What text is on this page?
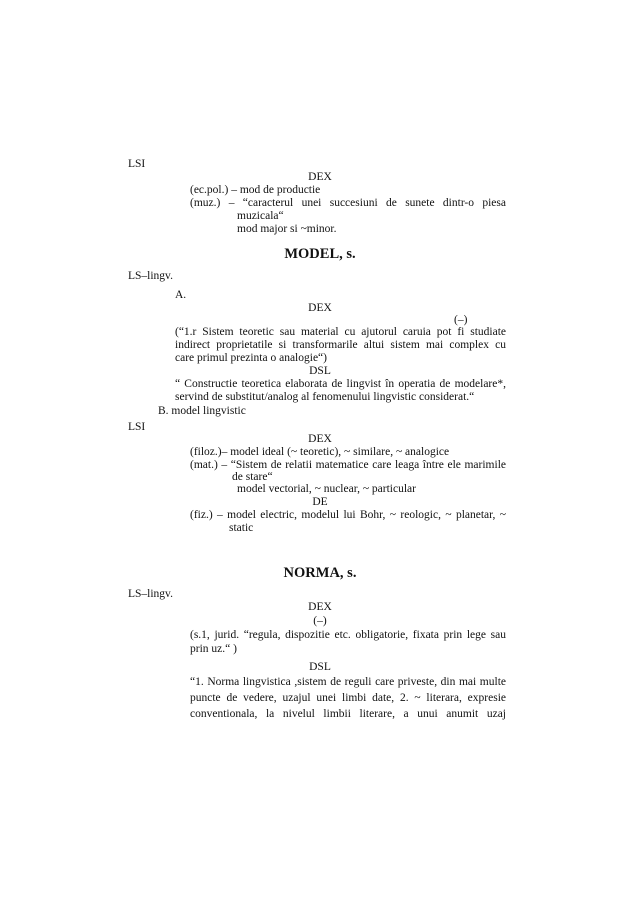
LSI
DEX
(ec.pol.) – mod de productie
(muz.) – “caracterul unei succesiuni de sunete dintr-o piesa
muzicala“
mod major si ~minor.
MODEL, s.
LS–lingv.
A.
DEX
(–)
(“1.r Sistem teoretic sau material cu ajutorul caruia pot fi studiate
indirect proprietatile si transformarile altui sistem mai complex cu
care primul prezinta o analogie“)
DSL
“ Constructie teoretica elaborata de lingvist în operatia de modelare*,
servind de substitut/analog al fenomenului lingvistic considerat.“
B. model lingvistic
LSI
DEX
(filoz.)– model ideal (~ teoretic), ~ similare, ~ analogice
(mat.) – “Sistem de relatii matematice care leaga între ele marimile
de stare“
model vectorial, ~ nuclear, ~ particular
DE
(fiz.) – model electric, modelul lui Bohr, ~ reologic, ~ planetar, ~
static
NORMA, s.
LS–lingv.
DEX
(–)
(s.1, jurid. “regula, dispozitie etc. obligatorie, fixata prin lege sau
prin uz.“ )
DSL
“1. Norma lingvistica ,sistem de reguli care priveste, din mai multe
puncte de vedere, uzajul unei limbi date, 2. ~ literara, expresie
conventionala, la nivelul limbii literare, a unui anumit uzaj
